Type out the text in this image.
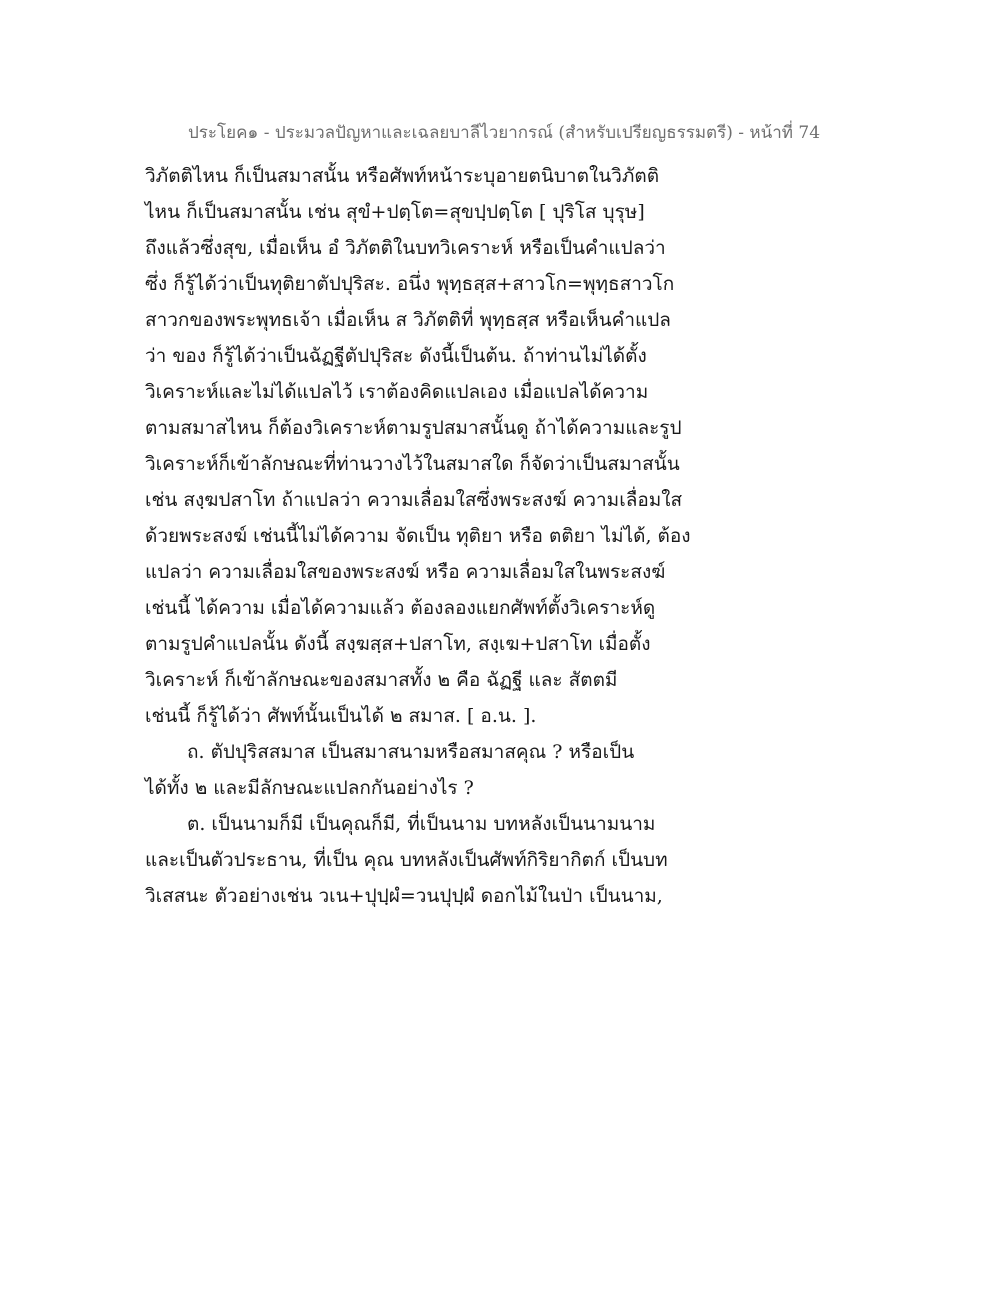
ประโยค๑ - ประมวลปัญหาและเฉลยบาลีไวยากรณ์ (สำหรับเปรียญธรรมตรี) - หน้าที่ 74
วิภัตติไหน ก็เป็นสมาสนั้น หรือศัพท์หน้าระบุอายตนิบาตในวิภัตติ
ไหน ก็เป็นสมาสนั้น เช่น สุขํ+ปตฺโต=สุขปฺปตฺโต [ ปุริโส บุรุษ]
ถึงแล้วซึ่งสุข, เมื่อเห็น อํ วิภัตติในบทวิเคราะห์ หรือเป็นคำแปลว่า
ซึ่ง ก็รู้ได้ว่าเป็นทุติยาตัปปุริสะ. อนึ่ง พุทฺธสฺส+สาวโก=พุทฺธสาวโก
สาวกของพระพุทธเจ้า เมื่อเห็น ส วิภัตติที่ พุทฺธสฺส หรือเห็นคำแปล
ว่า ของ ก็รู้ได้ว่าเป็นฉัฏฐีตัปปุริสะ ดังนี้เป็นต้น. ถ้าท่านไม่ได้ตั้ง
วิเคราะห์และไม่ได้แปลไว้ เราต้องคิดแปลเอง เมื่อแปลได้ความ
ตามสมาสไหน ก็ต้องวิเคราะห์ตามรูปสมาสนั้นดู ถ้าได้ความและรูป
วิเคราะห์ก็เข้าลักษณะที่ท่านวางไว้ในสมาสใด ก็จัดว่าเป็นสมาสนั้น
เช่น สงฺฆปสาโท ถ้าแปลว่า ความเลื่อมใสซึ่งพระสงฆ์ ความเลื่อมใส
ด้วยพระสงฆ์ เช่นนี้ไม่ได้ความ จัดเป็น ทุติยา หรือ ตติยา ไม่ได้, ต้อง
แปลว่า ความเลื่อมใสของพระสงฆ์ หรือ ความเลื่อมใสในพระสงฆ์
เช่นนี้ ได้ความ เมื่อได้ความแล้ว ต้องลองแยกศัพท์ตั้งวิเคราะห์ดู
ตามรูปคำแปลนั้น ดังนี้ สงฺฆสฺส+ปสาโท, สงฺเฆ+ปสาโท เมื่อตั้ง
วิเคราะห์ ก็เข้าลักษณะของสมาสทั้ง ๒ คือ ฉัฏฐี และ สัตตมี
เช่นนี้ ก็รู้ได้ว่า ศัพท์นั้นเป็นได้ ๒ สมาส. [ อ.น. ].
ถ. ตัปปุริสสมาส เป็นสมาสนามหรือสมาสคุณ ? หรือเป็น
ได้ทั้ง ๒ และมีลักษณะแปลกกันอย่างไร ?
ต. เป็นนามก็มี เป็นคุณก็มี, ที่เป็นนาม บทหลังเป็นนามนาม
และเป็นตัวประธาน, ที่เป็น คุณ บทหลังเป็นศัพท์กิริยากิตก์ เป็นบท
วิเสสนะ ตัวอย่างเช่น วเน+ปุปฺผํ=วนปุปฺผํ ดอกไม้ในป่า เป็นนาม,
